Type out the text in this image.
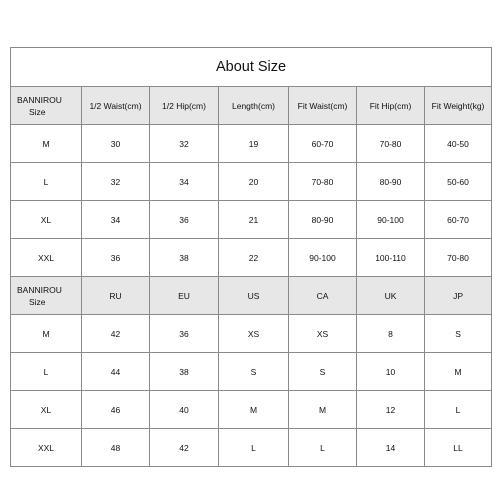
About Size						

BANNIROU
Size	1/2 Waist(cm)	1/2 Hip(cm)	Length(cm)	Fit Waist(cm)	Fit Hip(cm)	Fit Weight(kg)
M	30	32	19	60-70	70-80	40-50
L	32	34	20	70-80	80-90	50-60
XL	34	36	21	80-90	90-100	60-70
XXL	36	38	22	90-100	100-110	70-80

BANNIROU
Size	RU	EU	US	CA	UK	JP
M	42	36	XS	XS	8	S
L	44	38	S	S	10	M
XL	46	40	M	M	12	L
XXL	48	42	L	L	14	LL
